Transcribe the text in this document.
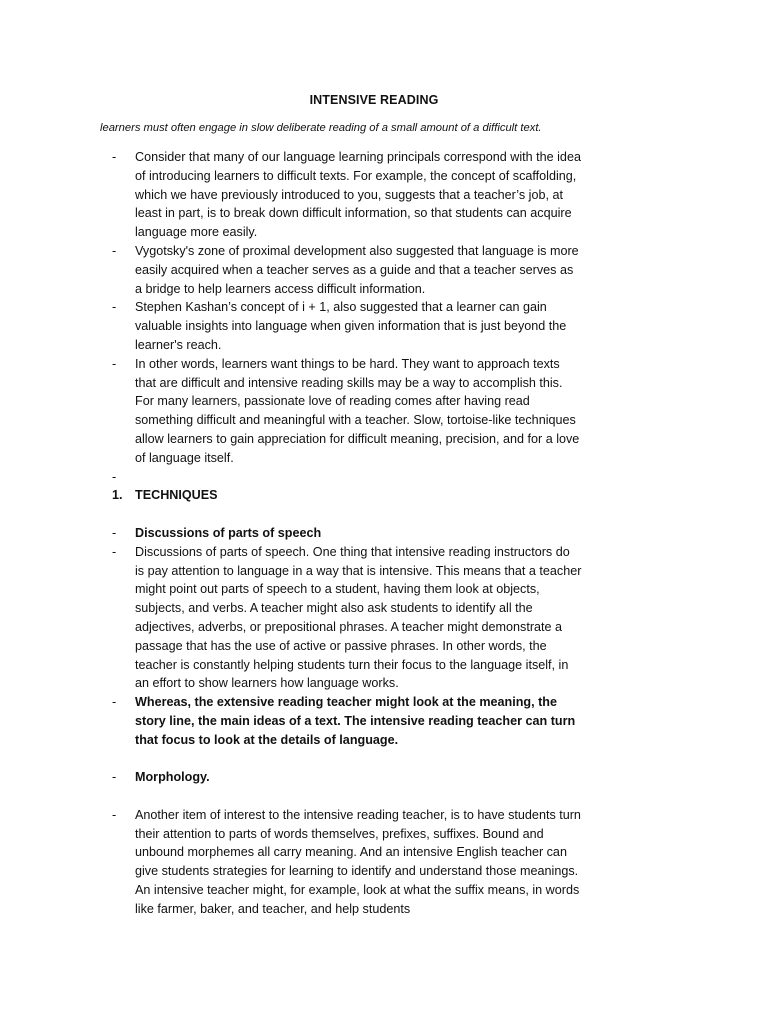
INTENSIVE READING
learners must often engage in slow deliberate reading of a small amount of a difficult text.
- Consider that many of our language learning principals correspond with the idea of introducing learners to difficult texts. For example, the concept of scaffolding, which we have previously introduced to you, suggests that a teacher’s job, at least in part, is to break down difficult information, so that students can acquire language more easily.
- Vygotsky's zone of proximal development also suggested that language is more easily acquired when a teacher serves as a guide and that a teacher serves as a bridge to help learners access difficult information.
- Stephen Kashan’s concept of i + 1, also suggested that a learner can gain valuable insights into language when given information that is just beyond the learner's reach.
- In other words, learners want things to be hard. They want to approach texts that are difficult and intensive reading skills may be a way to accomplish this. For many learners, passionate love of reading comes after having read something difficult and meaningful with a teacher. Slow, tortoise-like techniques allow learners to gain appreciation for difficult meaning, precision, and for a love of language itself.
-
1. TECHNIQUES
- Discussions of parts of speech
- Discussions of parts of speech. One thing that intensive reading instructors do is pay attention to language in a way that is intensive. This means that a teacher might point out parts of speech to a student, having them look at objects, subjects, and verbs. A teacher might also ask students to identify all the adjectives, adverbs, or prepositional phrases. A teacher might demonstrate a passage that has the use of active or passive phrases. In other words, the teacher is constantly helping students turn their focus to the language itself, in an effort to show learners how language works.
- Whereas, the extensive reading teacher might look at the meaning, the story line, the main ideas of a text. The intensive reading teacher can turn that focus to look at the details of language.
- Morphology.
- Another item of interest to the intensive reading teacher, is to have students turn their attention to parts of words themselves, prefixes, suffixes. Bound and unbound morphemes all carry meaning. And an intensive English teacher can give students strategies for learning to identify and understand those meanings. An intensive teacher might, for example, look at what the suffix means, in words like farmer, baker, and teacher, and help students
